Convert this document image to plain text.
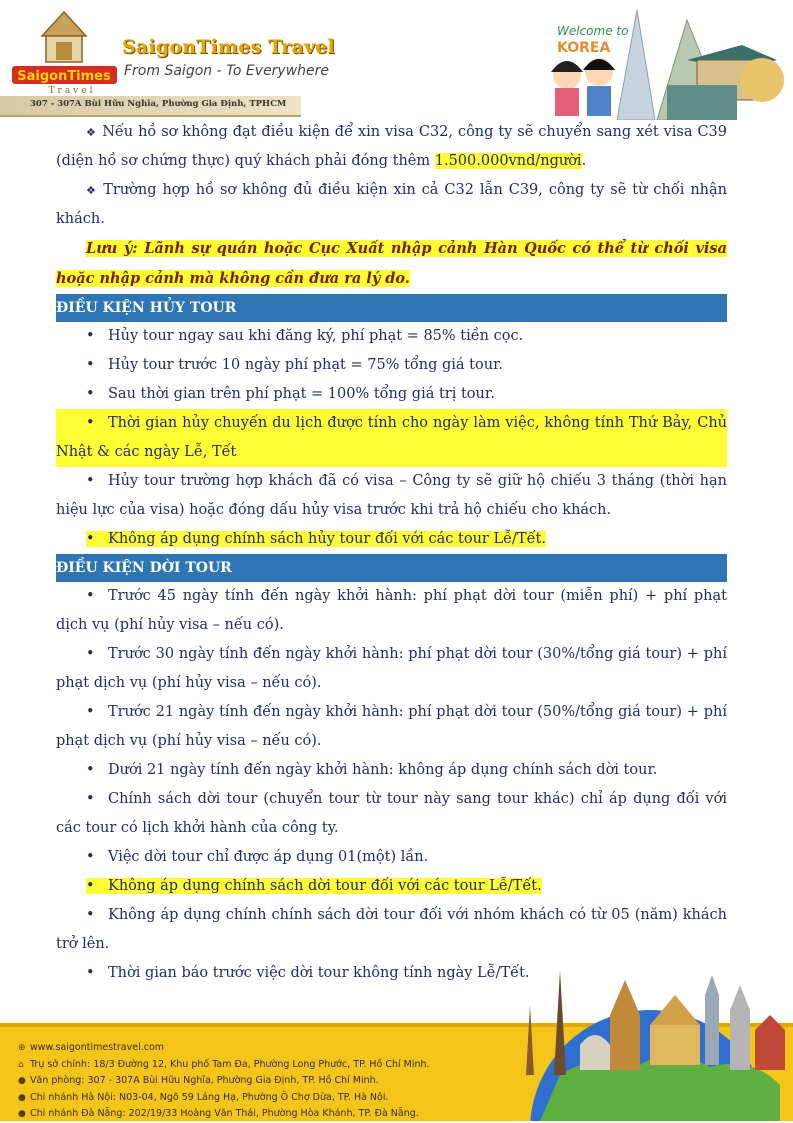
SaigonTimes
Travel
SaigonTimes Travel
From Saigon - To Everywhere
307 - 307A Bùi Hữu Nghĩa, Phường Gia Định, TPHCM
Welcome to
KOREA

❖ Nếu hồ sơ không đạt điều kiện để xin visa C32, công ty sẽ chuyển sang xét visa C39 (diện hồ sơ chứng thực) quý khách phải đóng thêm 1.500.000vnd/người.

❖ Trường hợp hồ sơ không đủ điều kiện xin cả C32 lẫn C39, công ty sẽ từ chối nhận khách.

Lưu ý: Lãnh sự quán hoặc Cục Xuất nhập cảnh Hàn Quốc có thể từ chối visa hoặc nhập cảnh mà không cần đưa ra lý do.

ĐIỀU KIỆN HỦY TOUR

• Hủy tour ngay sau khi đăng ký, phí phạt = 85% tiền cọc.

• Hủy tour trước 10 ngày phí phạt = 75% tổng giá tour.

• Sau thời gian trên phí phạt = 100% tổng giá trị tour.

• Thời gian hủy chuyến du lịch được tính cho ngày làm việc, không tính Thứ Bảy, Chủ Nhật & các ngày Lễ, Tết

• Hủy tour trường hợp khách đã có visa – Công ty sẽ giữ hộ chiếu 3 tháng (thời hạn hiệu lực của visa) hoặc đóng dấu hủy visa trước khi trả hộ chiếu cho khách.

• Không áp dụng chính sách hủy tour đối với các tour Lễ/Tết.

ĐIỀU KIỆN DỜI TOUR

• Trước 45 ngày tính đến ngày khởi hành: phí phạt dời tour (miễn phí) + phí phạt dịch vụ (phí hủy visa – nếu có).

• Trước 30 ngày tính đến ngày khởi hành: phí phạt dời tour (30%/tổng giá tour) + phí phạt dịch vụ (phí hủy visa – nếu có).

• Trước 21 ngày tính đến ngày khởi hành: phí phạt dời tour (50%/tổng giá tour) + phí phạt dịch vụ (phí hủy visa – nếu có).

• Dưới 21 ngày tính đến ngày khởi hành: không áp dụng chính sách dời tour.

• Chính sách dời tour (chuyển tour từ tour này sang tour khác) chỉ áp dụng đối với các tour có lịch khởi hành của công ty.

• Việc dời tour chỉ được áp dụng 01(một) lần.

• Không áp dụng chính sách dời tour đối với các tour Lễ/Tết.

• Không áp dụng chính chính sách dời tour đối với nhóm khách có từ 05 (năm) khách trở lên.

• Thời gian báo trước việc dời tour không tính ngày Lễ/Tết.

⊕ www.saigontimestravel.com
⌂ Trụ sở chính: 18/3 Đường 12, Khu phố Tam Đa, Phường Long Phước, TP. Hồ Chí Minh.
● Văn phòng: 307 - 307A Bùi Hữu Nghĩa, Phường Gia Định, TP. Hồ Chí Minh.
● Chi nhánh Hà Nội: N03-04, Ngõ 59 Láng Hạ, Phường Ô Chợ Dừa, TP. Hà Nội.
● Chi nhánh Đà Nẵng: 202/19/33 Hoàng Văn Thái, Phường Hòa Khánh, TP. Đà Nẵng.
